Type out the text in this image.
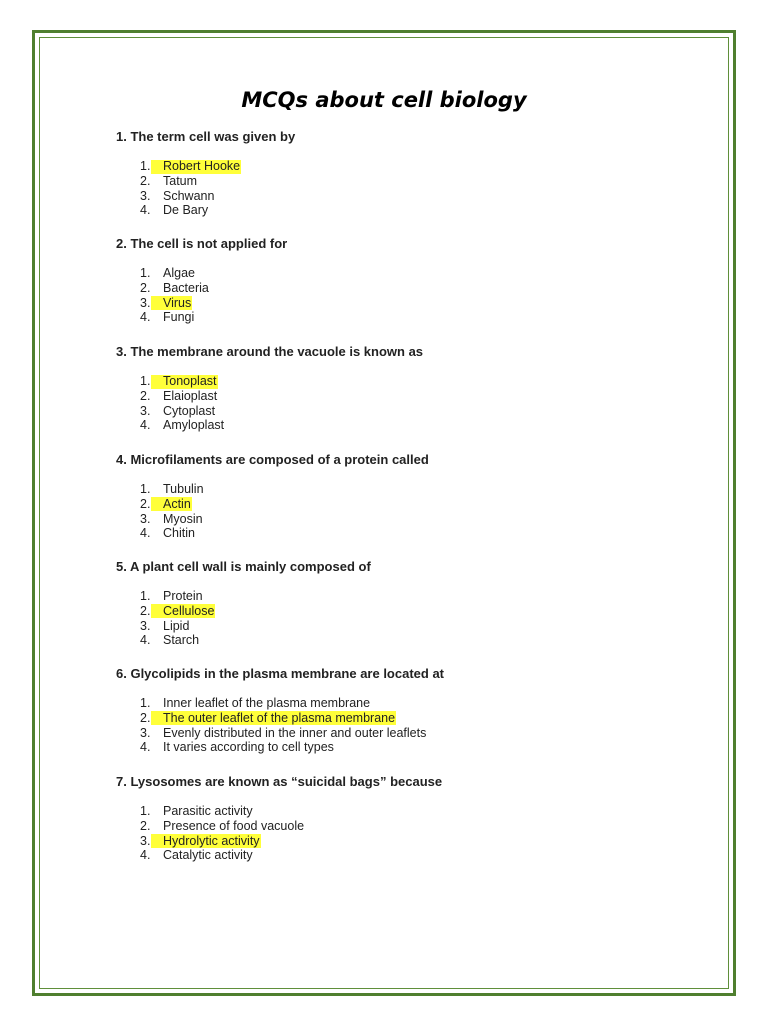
MCQs about cell biology

1. The term cell was given by

1. Robert Hooke
2. Tatum
3. Schwann
4. De Bary

2. The cell is not applied for

1. Algae
2. Bacteria
3. Virus
4. Fungi

3. The membrane around the vacuole is known as

1. Tonoplast
2. Elaioplast
3. Cytoplast
4. Amyloplast

4. Microfilaments are composed of a protein called

1. Tubulin
2. Actin
3. Myosin
4. Chitin

5. A plant cell wall is mainly composed of

1. Protein
2. Cellulose
3. Lipid
4. Starch

6. Glycolipids in the plasma membrane are located at

1. Inner leaflet of the plasma membrane
2. The outer leaflet of the plasma membrane
3. Evenly distributed in the inner and outer leaflets
4. It varies according to cell types

7. Lysosomes are known as “suicidal bags” because

1. Parasitic activity
2. Presence of food vacuole
3. Hydrolytic activity
4. Catalytic activity
